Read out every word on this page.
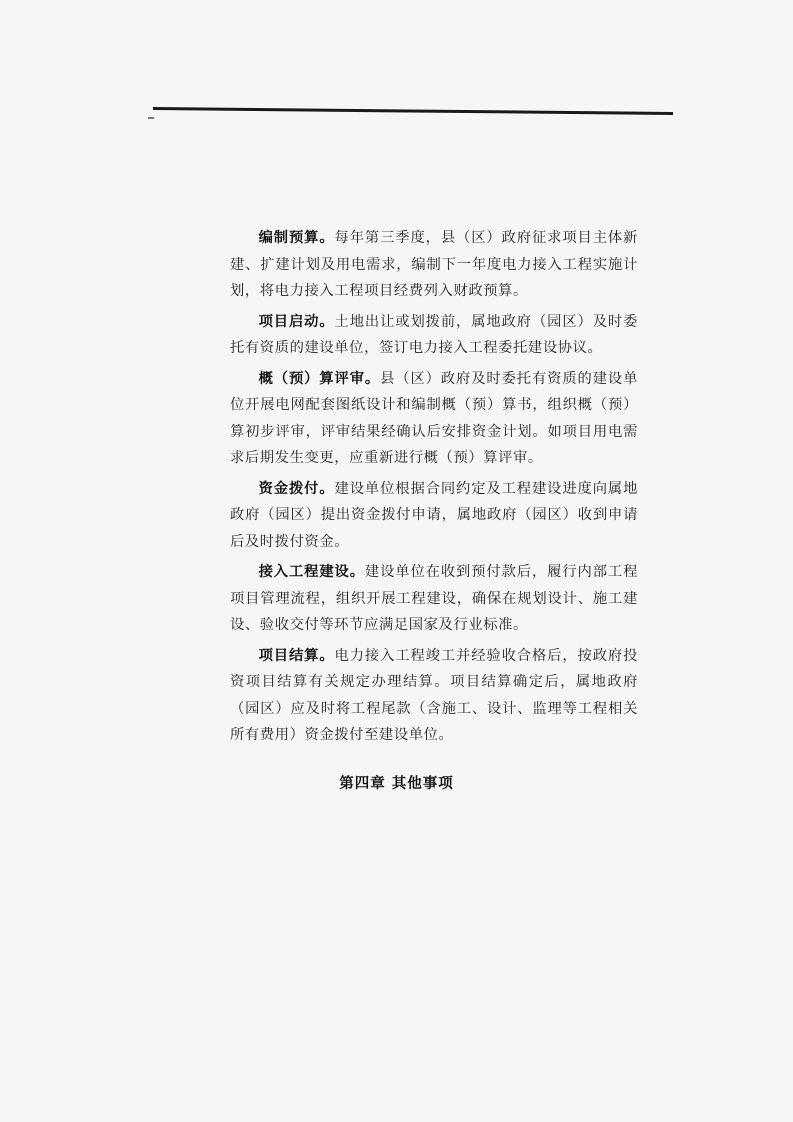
编制预算。每年第三季度，县（区）政府征求项目主体新建、扩建计划及用电需求，编制下一年度电力接入工程实施计划，将电力接入工程项目经费列入财政预算。

项目启动。土地出让或划拨前，属地政府（园区）及时委托有资质的建设单位，签订电力接入工程委托建设协议。

概（预）算评审。县（区）政府及时委托有资质的建设单位开展电网配套图纸设计和编制概（预）算书，组织概（预）算初步评审，评审结果经确认后安排资金计划。如项目用电需求后期发生变更，应重新进行概（预）算评审。

资金拨付。建设单位根据合同约定及工程建设进度向属地政府（园区）提出资金拨付申请，属地政府（园区）收到申请后及时拨付资金。

接入工程建设。建设单位在收到预付款后，履行内部工程项目管理流程，组织开展工程建设，确保在规划设计、施工建设、验收交付等环节应满足国家及行业标准。

项目结算。电力接入工程竣工并经验收合格后，按政府投资项目结算有关规定办理结算。项目结算确定后，属地政府（园区）应及时将工程尾款（含施工、设计、监理等工程相关所有费用）资金拨付至建设单位。

第四章 其他事项
